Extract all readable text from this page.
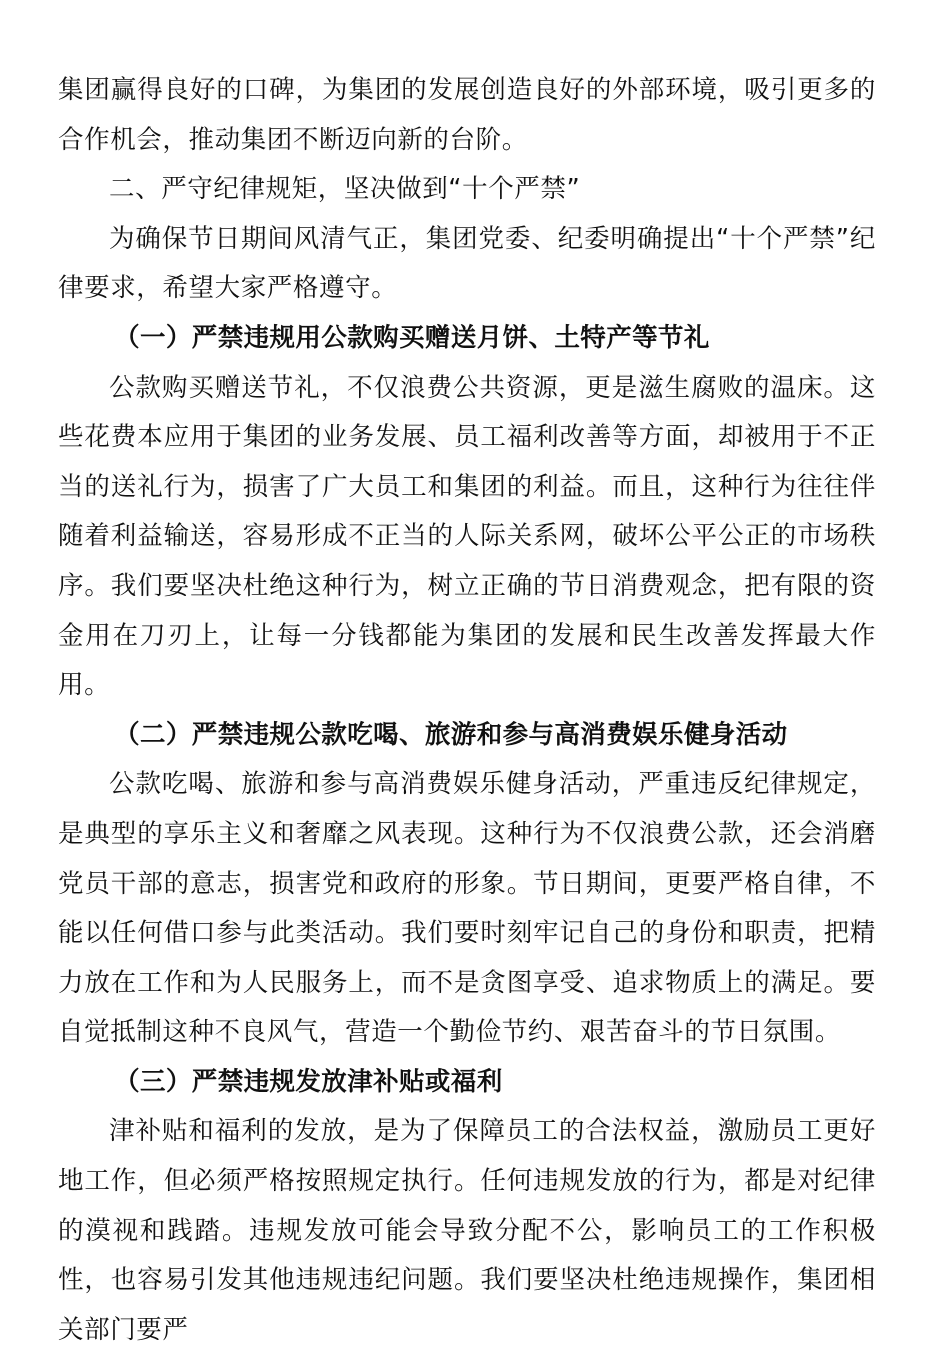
集团赢得良好的口碑，为集团的发展创造良好的外部环境，吸引更多的合作机会，推动集团不断迈向新的台阶。

二、严守纪律规矩，坚决做到“十个严禁”

为确保节日期间风清气正，集团党委、纪委明确提出“十个严禁”纪律要求，希望大家严格遵守。

（一）严禁违规用公款购买赠送月饼、土特产等节礼

公款购买赠送节礼，不仅浪费公共资源，更是滋生腐败的温床。这些花费本应用于集团的业务发展、员工福利改善等方面，却被用于不正当的送礼行为，损害了广大员工和集团的利益。而且，这种行为往往伴随着利益输送，容易形成不正当的人际关系网，破坏公平公正的市场秩序。我们要坚决杜绝这种行为，树立正确的节日消费观念，把有限的资金用在刀刃上，让每一分钱都能为集团的发展和民生改善发挥最大作用。

（二）严禁违规公款吃喝、旅游和参与高消费娱乐健身活动

公款吃喝、旅游和参与高消费娱乐健身活动，严重违反纪律规定，是典型的享乐主义和奢靡之风表现。这种行为不仅浪费公款，还会消磨党员干部的意志，损害党和政府的形象。节日期间，更要严格自律，不能以任何借口参与此类活动。我们要时刻牢记自己的身份和职责，把精力放在工作和为人民服务上，而不是贪图享受、追求物质上的满足。要自觉抵制这种不良风气，营造一个勤俭节约、艰苦奋斗的节日氛围。

（三）严禁违规发放津补贴或福利

津补贴和福利的发放，是为了保障员工的合法权益，激励员工更好地工作，但必须严格按照规定执行。任何违规发放的行为，都是对纪律的漠视和践踏。违规发放可能会导致分配不公，影响员工的工作积极性，也容易引发其他违规违纪问题。我们要坚决杜绝违规操作，集团相关部门要严
